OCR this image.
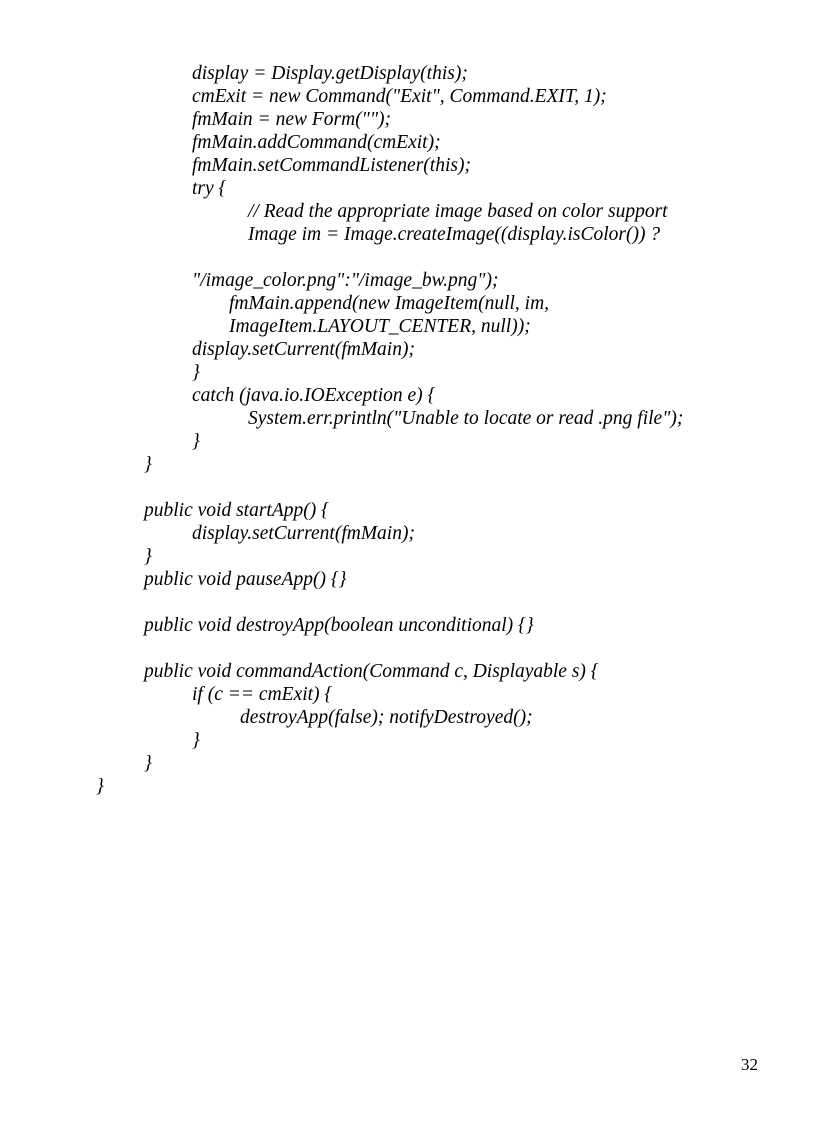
display = Display.getDisplay(this);
cmExit = new Command("Exit", Command.EXIT, 1);
fmMain = new Form("");
fmMain.addCommand(cmExit);
fmMain.setCommandListener(this);
try {
// Read the appropriate image based on color support
Image im = Image.createImage((display.isColor()) ?
"/image_color.png":"/image_bw.png");
fmMain.append(new ImageItem(null, im,
ImageItem.LAYOUT_CENTER, null));
display.setCurrent(fmMain);
}
catch (java.io.IOException e) {
System.err.println("Unable to locate or read .png file");
}
}
public void startApp() {
display.setCurrent(fmMain);
}
public void pauseApp() {}
public void destroyApp(boolean unconditional) {}
public void commandAction(Command c, Displayable s) {
if (c == cmExit) {
destroyApp(false); notifyDestroyed();
}
}
}
32
